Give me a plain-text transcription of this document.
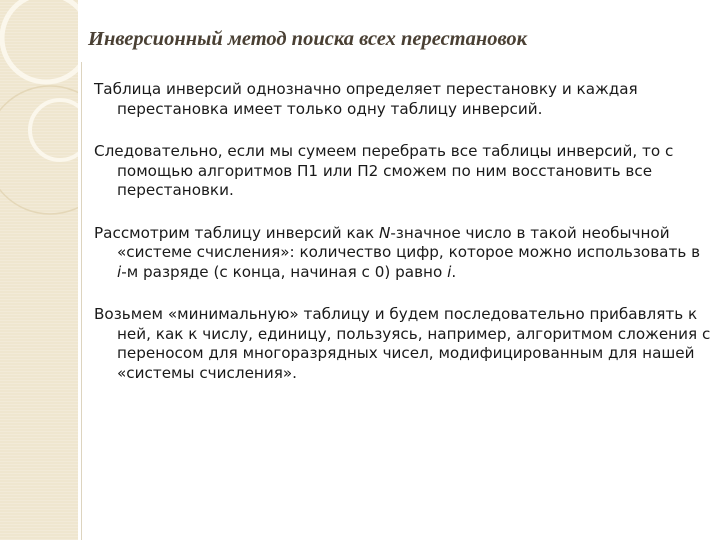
Инверсионный метод поиска всех перестановок

Таблица инверсий однозначно определяет перестановку и каждая перестановка имеет только одну таблицу инверсий.

Следовательно, если мы сумеем перебрать все таблицы инверсий, то с помощью алгоритмов П1 или П2 сможем по ним восстановить все перестановки.

Рассмотрим таблицу инверсий как N-значное число в такой необычной «системе счисления»: количество цифр, которое можно использовать в i-м разряде (с конца, начиная с 0) равно i.

Возьмем «минимальную» таблицу и будем последовательно прибавлять к ней, как к числу, единицу, пользуясь, например, алгоритмом сложения с переносом для многоразрядных чисел, модифицированным для нашей «системы счисления».
